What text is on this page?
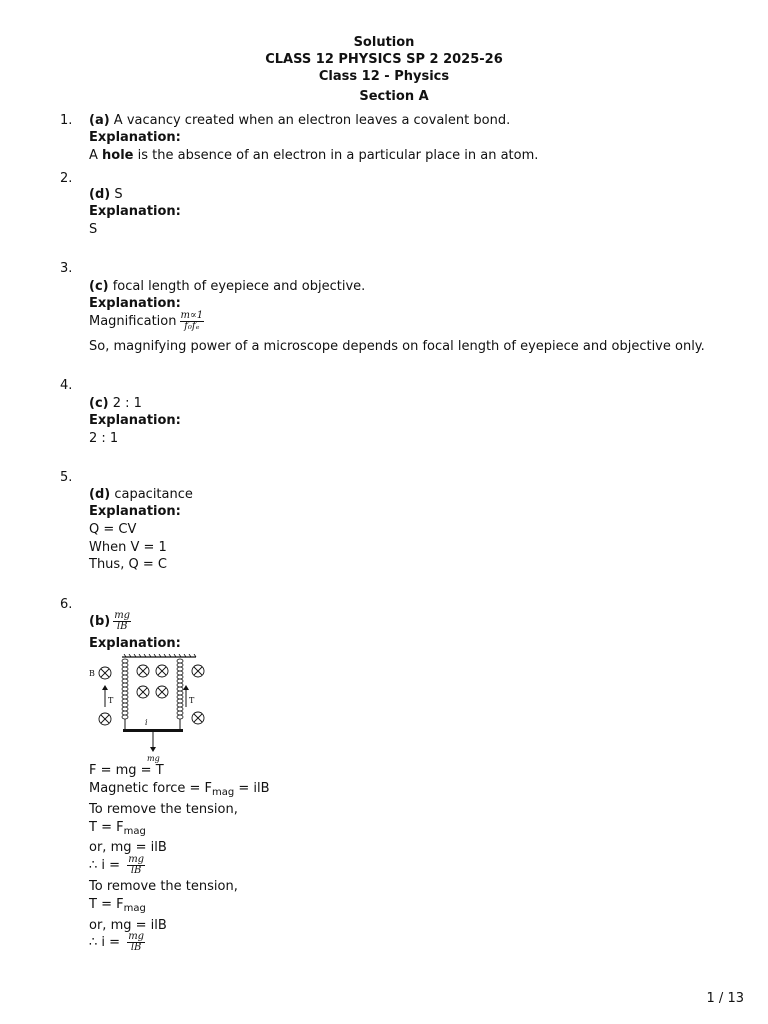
Solution
CLASS 12 PHYSICS SP 2 2025-26
Class 12 - Physics
Section A
1. (a) A vacancy created when an electron leaves a covalent bond.
Explanation:
A hole is the absence of an electron in a particular place in an atom.
2.
(d) S
Explanation:
S
3.
(c) focal length of eyepiece and objective.
Explanation:
Magnification $\frac{m\propto 1}{\text{f₀fₑ}}$
So, magnifying power of a microscope depends on focal length of eyepiece and objective only.
4.
(c) 2 : 1
Explanation:
2 : 1
5.
(d) capacitance
Explanation:
Q = CV
When V = 1
Thus, Q = C
6.
$(b) \frac{mg}{lB}$
Explanation:
B
T	T
i
mg
F = mg = T
Magnetic force = $F_{mag}$ = ilB
To remove the tension,
$T = F_{mag}$
or, mg = ilB
∴ $i = \frac{mg}{lB}$
To remove the tension,
$T = F_{mag}$
or, mg = ilB
∴ $i = \frac{mg}{lB}$
1 / 13
